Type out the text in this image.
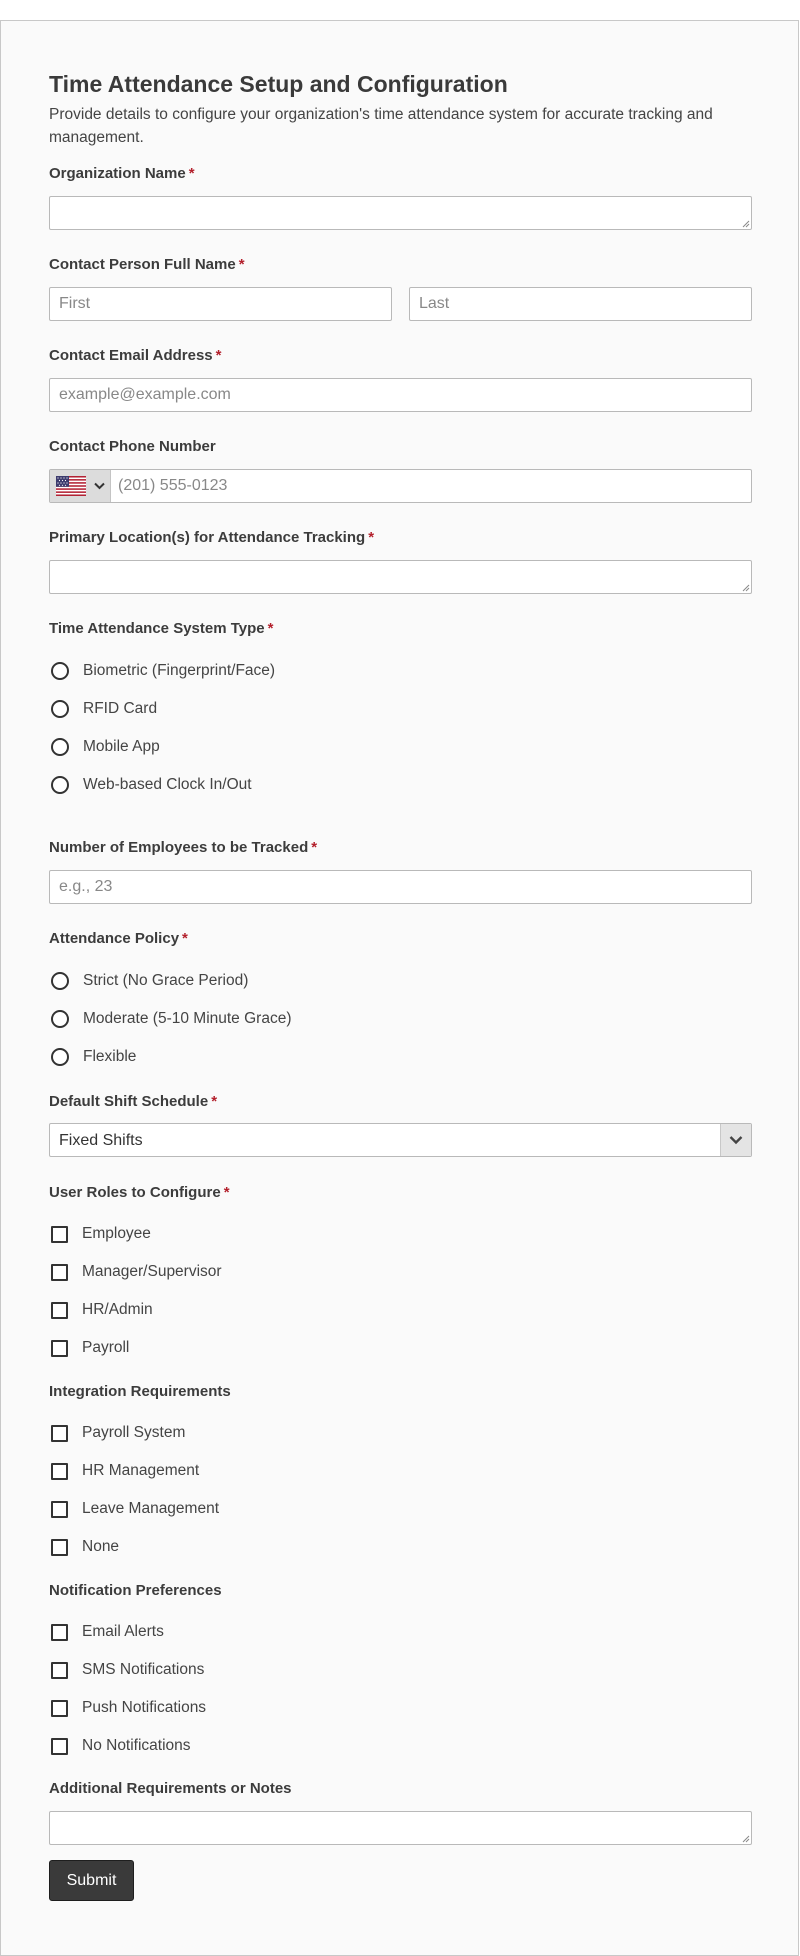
Time Attendance Setup and Configuration
Provide details to configure your organization's time attendance system for accurate tracking and management.
Organization Name *
Contact Person Full Name *
First
Last
Contact Email Address *
example@example.com
Contact Phone Number
(201) 555-0123
Primary Location(s) for Attendance Tracking *
Time Attendance System Type *
Biometric (Fingerprint/Face)
RFID Card
Mobile App
Web-based Clock In/Out
Number of Employees to be Tracked *
e.g., 23
Attendance Policy *
Strict (No Grace Period)
Moderate (5-10 Minute Grace)
Flexible
Default Shift Schedule *
Fixed Shifts
User Roles to Configure *
Employee
Manager/Supervisor
HR/Admin
Payroll
Integration Requirements
Payroll System
HR Management
Leave Management
None
Notification Preferences
Email Alerts
SMS Notifications
Push Notifications
No Notifications
Additional Requirements or Notes
Submit
